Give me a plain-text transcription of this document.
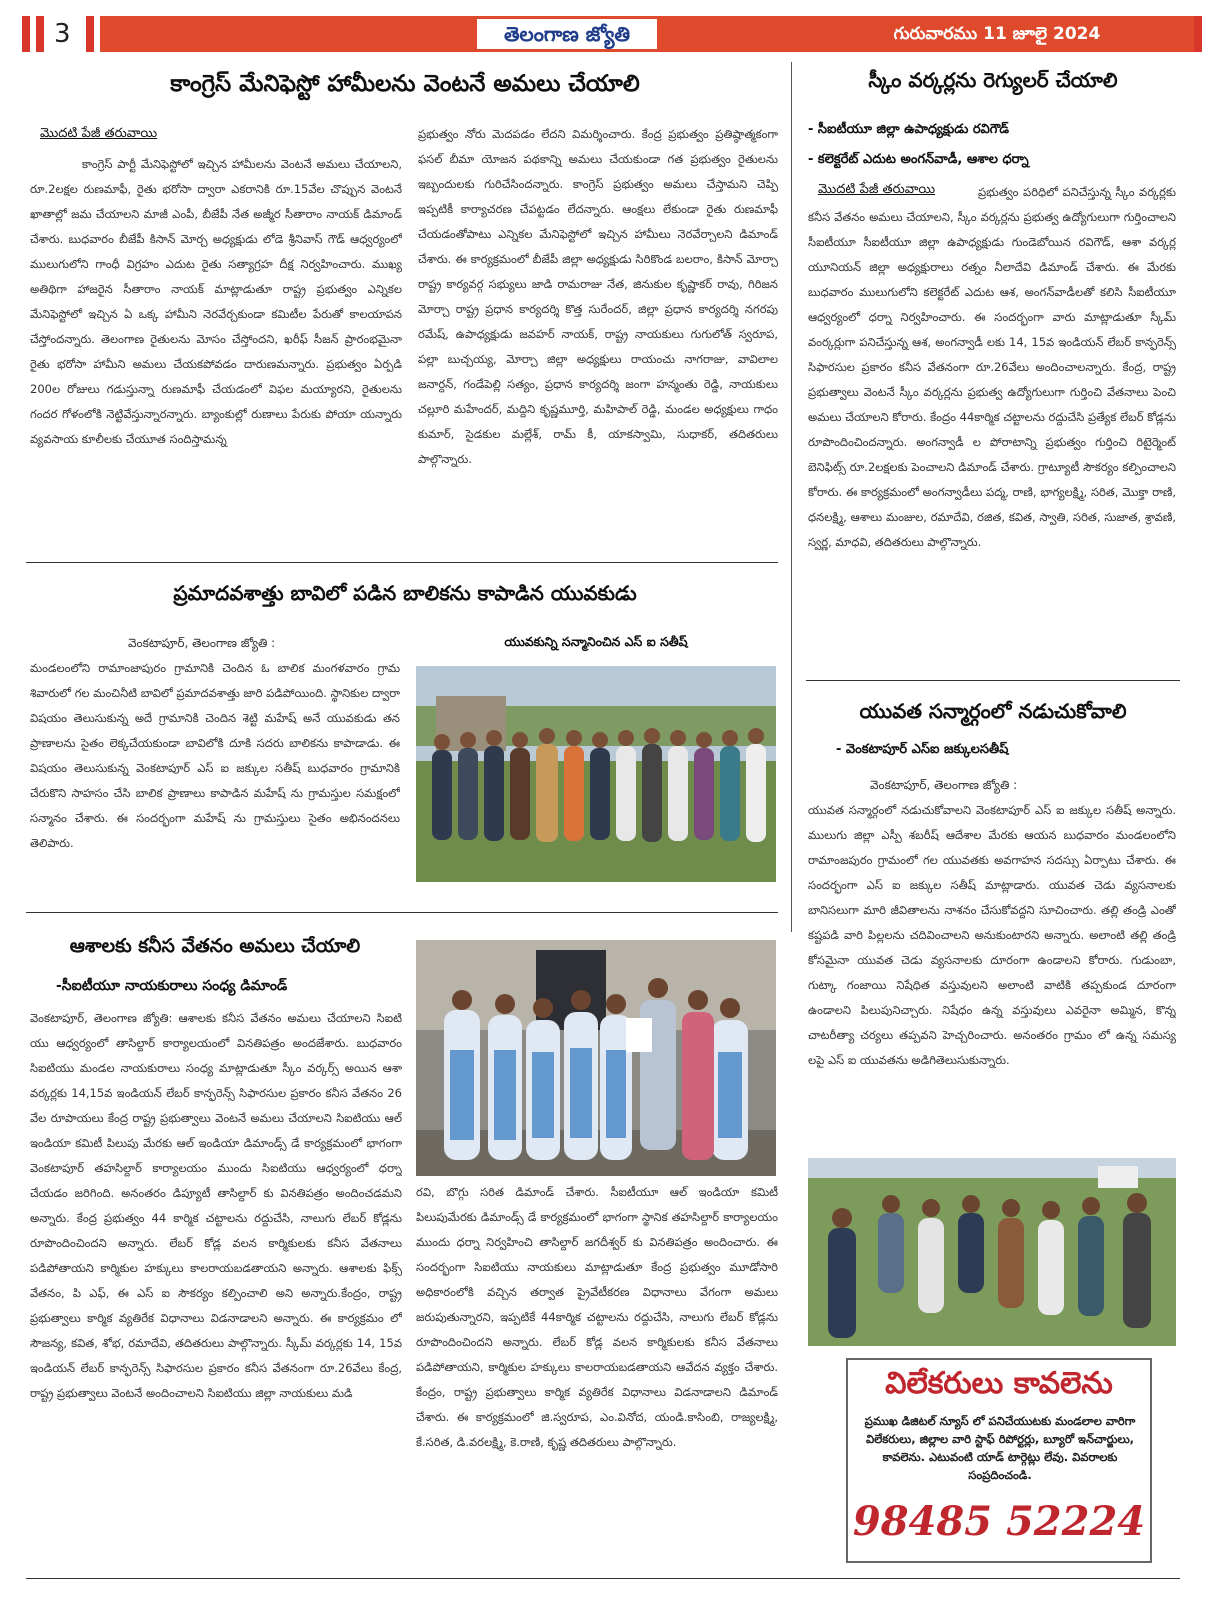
3	తెలంగాణ జ్యోతి	గురువారము 11 జూలై 2024
కాంగ్రెస్ మేనిఫెస్టో హామీలను వెంటనే అమలు చేయాలి
మొదటి పేజీ తరువాయి
కాంగ్రెస్ పార్టీ మేనిఫెస్టోలో ఇచ్చిన హామీలను వెంటనే అమలు చేయాలని, రూ.2లక్షల రుణమాఫీ, రైతు భరోసా ద్వారా ఎకరానికి రూ.15వేల చొప్పున వెంటనే ఖాతాల్లో జమ చేయాలని మాజీ ఎంపీ, బీజేపీ నేత అజ్మీర సీతారాం నాయక్ డిమాండ్ చేశారు. బుధవారం బీజేపీ కిసాన్ మోర్చ అధ్యక్షుడు లోడె శ్రీనివాస్ గౌడ్ ఆధ్వర్యంలో ములుగులోని గాంధీ విగ్రహం ఎదుట రైతు సత్యాగ్రహ దీక్ష నిర్వహించారు. ముఖ్య అతిథిగా హాజరైన సీతారాం నాయక్ మాట్లాడుతూ రాష్ట్ర ప్రభుత్వం ఎన్నికల మేనిఫెస్టోలో ఇచ్చిన ఏ ఒక్క హామీని నెరవేర్చకుండా కమిటీల పేరుతో కాలయాపన చేస్తోందన్నారు. తెలంగాణ రైతులను మోసం చేస్తోందని, ఖరీఫ్ సీజన్ ప్రారంభమైనా రైతు భరోసా హామీని అమలు చేయకపోవడం దారుణమన్నారు. ప్రభుత్వం ఏర్పడి 200ల రోజులు గడుస్తున్నా రుణమాఫీ చేయడంలో విఫల మయ్యారని, రైతులను గందర గోళంలోకి నెట్టివేస్తున్నారన్నారు. బ్యాంకుల్లో రుణాలు పేరుకు పోయా యన్నారు వ్యవసాయ కూలీలకు చేయూత సందిస్తామన్న
ప్రభుత్వం నోరు మెదపడం లేదని విమర్శించారు. కేంద్ర ప్రభుత్వం ప్రతిష్ఠాత్మకంగా ఫసల్ బీమా యోజన పథకాన్ని అమలు చేయకుండా గత ప్రభుత్వం రైతులను ఇబ్బందులకు గురిచేసిందన్నారు. కాంగ్రెస్ ప్రభుత్వం అమలు చేస్తామని చెప్పి ఇప్పటికీ కార్యాచరణ చేపట్టడం లేదన్నారు. ఆంక్షలు లేకుండా రైతు రుణమాఫీ చేయడంతోపాటు ఎన్నికల మేనిఫెస్టోలో ఇచ్చిన హామీలు నెరవేర్చాలని డిమాండ్ చేశారు. ఈ కార్యక్రమంలో బీజేపీ జిల్లా అధ్యక్షుడు సిరికొండ బలరాం, కిసాన్ మోర్చా రాష్ట్ర కార్యవర్గ సభ్యులు జాడి రామరాజు నేత, జినుకుల కృష్ణాకర్ రావు, గిరిజన మోర్చా రాష్ట్ర ప్రధాన కార్యదర్శి కొత్త సురేందర్, జిల్లా ప్రధాన కార్యదర్శి నగరపు రమేష్, ఉపాధ్యక్షుడు జవహర్ నాయక్, రాష్ట్ర నాయకులు గుగులోత్ స్వరూప, పల్లా బుచ్చయ్య, మోర్చా జిల్లా అధ్యక్షులు రాయంచు నాగరాజు, వావిలాల జనార్దన్, గండేపెల్లి సత్యం, ప్రధాన కార్యదర్శి జంగా హన్మంతు రెడ్డి, నాయకులు చల్లూరి మహేందర్, మద్దిని కృష్ణమూర్తి, మహిపాల్ రెడ్డి, మండల అధ్యక్షులు గాధం కుమార్, సైడకుల మల్లేశ్, రామ్ కీ, యాకస్వామి, సుధాకర్, తదితరులు పాల్గొన్నారు.
స్కీం వర్కర్లను రెగ్యులర్ చేయాలి
- సీఐటీయూ జిల్లా ఉపాధ్యక్షుడు రవిగౌడ్
- కలెక్టరేట్ ఎదుట అంగన్‌వాడీ, ఆశాల ధర్నా
మొదటి పేజీ తరువాయి	ప్రభుత్వం పరిధిలో పనిచేస్తున్న స్కీం వర్కర్లకు కనీస వేతనం అమలు చేయాలని, స్కీం వర్కర్లను ప్రభుత్వ ఉద్యోగులుగా గుర్తించాలని సీఐటీయూ సీఐటీయూ జిల్లా ఉపాధ్యక్షుడు గుండెబోయిన రవిగౌడ్, ఆశా వర్కర్ల యూనియన్ జిల్లా అధ్యక్షురాలు రత్నం నీలాదేవి డిమాండ్ చేశారు. ఈ మేరకు బుధవారం ములుగులోని కలెక్టరేట్ ఎదుట ఆశ, అంగన్‌వాడీలతో కలిసి సీఐటీయూ ఆధ్వర్యంలో ధర్నా నిర్వహించారు. ఈ సందర్భంగా వారు మాట్లాడుతూ స్కీమ్ వంర్కర్లుగా పనిచేస్తున్న ఆశ, అంగన్వాడీ లకు 14, 15వ ఇండియన్ లేబర్ కాన్ఫరెన్స్ సిఫారసుల ప్రకారం కనీస వేతనంగా రూ.26వేలు అందించాలన్నారు. కేంద్ర, రాష్ట్ర ప్రభుత్వాలు వెంటనే స్కీం వర్కర్లను ప్రభుత్వ ఉద్యోగులుగా గుర్తించి వేతనాలు పెంచి అమలు చేయాలని కోరారు. కేంద్రం 44కార్మిక చట్టాలను రద్దుచేసి ప్రత్యేక లేబర్ కోడ్లను రూపొందించిందన్నారు. అంగన్వాడీ ల పోరాటాన్ని ప్రభుత్వం గుర్తించి రిటైర్మెంట్ బెనిఫిట్స్ రూ.2లక్షలకు పెంచాలని డిమాండ్ చేశారు. గ్రాట్యూటీ సౌకర్యం కల్పించాలని కోరారు. ఈ కార్యక్రమంలో అంగన్వాడీలు పద్మ, రాణి, భాగ్యలక్ష్మి, సరిత, మొక్తా రాణి, ధనలక్ష్మి, ఆశాలు మంజుల, రమాదేవి, రజిత, కవిత, స్వాతి, సరిత, సుజాత, శ్రావణి, స్వర్ణ, మాధవి, తదితరులు పాల్గొన్నారు.
ప్రమాదవశాత్తు బావిలో పడిన బాలికను కాపాడిన యువకుడు
వెంకటాపూర్, తెలంగాణ జ్యోతి :	యువకున్ని సన్మానించిన ఎస్ ఐ సతీష్
మండలంలోని రామాంజాపురం గ్రామానికి చెందిన ఓ బాలిక మంగళవారం గ్రామ శివారులో గల మంచినీటి బావిలో ప్రమాదవశాత్తు జారి పడిపోయింది. స్థానికుల ద్వారా విషయం తెలుసుకున్న అదే గ్రామానికి చెందిన శెట్టి మహేష్ అనే యువకుడు తన ప్రాణాలను సైతం లెక్కచేయకుండా బావిలోకి దూకి సదరు బాలికను కాపాడాడు. ఈ విషయం తెలుసుకున్న వెంకటాపూర్ ఎస్ ఐ జక్కుల సతీష్ బుధవారం గ్రామానికి చేరుకొని సాహసం చేసి బాలిక ప్రాణాలు కాపాడిన మహేష్ ను గ్రామస్తుల సమక్షంలో సన్మానం చేశారు. ఈ సందర్భంగా మహేష్ ను గ్రామస్తులు సైతం అభినందనలు తెలిపారు.
యువత సన్మార్గంలో నడుచుకోవాలి
- వెంకటాపూర్ ఎస్ఐ జక్కులసతీష్
వెంకటాపూర్, తెలంగాణ జ్యోతి :
యువత సన్మార్గంలో నడుచుకోవాలని వెంకటాపూర్ ఎస్ ఐ జక్కుల సతీష్ అన్నారు. ములుగు జిల్లా ఎస్పీ శబరీష్ ఆదేశాల మేరకు ఆయన బుధవారం మండలంలోని రామాంజపురం గ్రామంలో గల యువతకు అవగాహన సదస్సు ఏర్పాటు చేశారు. ఈ సందర్భంగా ఎస్ ఐ జక్కుల సతీష్ మాట్లాడారు. యువత చెడు వ్యసనాలకు బానిసలుగా మారి జీవితాలను నాశనం చేసుకోవద్దని సూచించారు. తల్లి తండ్రి ఎంతో కష్టపడి వారి పిల్లలను చదివించాలని అనుకుంటారని అన్నారు. అలాంటి తల్లి తండ్రి కోసమైనా యువత చెడు వ్యసనాలకు దూరంగా ఉండాలని కోరారు. గుడుంబా, గుట్కా గంజాయి నిషేధిత వస్తువులని అలాంటి వాటికి తప్పకుండ దూరంగా ఉండాలని పిలుపునిచ్చారు. నిషేధం ఉన్న వస్తువులు ఎవరైనా అమ్మిన, కొన్న చాటరీత్యా చర్యలు తప్పవని హెచ్చరించారు. అనంతరం గ్రామం లో ఉన్న సమస్య లపై ఎస్ ఐ యువతను అడిగితెలుసుకున్నారు.
విలేకరులు కావలెను
ప్రముఖ డిజిటల్ న్యూస్ లో పనిచేయుటకు మండలాల వారిగా విలేకరులు, జిల్లాల వారి స్టాఫ్ రిపోర్టర్లు, బ్యూరో ఇన్‌చార్జులు, కావలెను. ఎటువంటి యాడ్ టార్గెట్లు లేవు. వివరాలకు సంప్రదించండి.
98485 52224
ఆశాలకు కనీస వేతనం అమలు చేయాలి
-సీఐటీయూ నాయకురాలు సంధ్య డిమాండ్
వెంకటాపూర్, తెలంగాణ జ్యోతి: ఆశాలకు కనీస వేతనం అమలు చేయాలని సిఐటి యు ఆధ్వర్యంలో తాసిల్దార్ కార్యాలయంలో వినతిపత్రం అందజేశారు. బుధవారం సిఐటియు మండల నాయకురాలు సంధ్య మాట్లాడుతూ స్కీం వర్కర్స్ అయిన ఆశా వర్కర్లకు 14,15వ ఇండియన్ లేబర్ కాన్ఫరెన్స్ సిఫారసుల ప్రకారం కనీస వేతనం 26 వేల రూపాయలు కేంద్ర రాష్ట్ర ప్రభుత్వాలు వెంటనే అమలు చేయాలని సిఐటియు ఆల్ ఇండియా కమిటీ పిలుపు మేరకు ఆల్ ఇండియా డిమాండ్స్ డే కార్యక్రమంలో భాగంగా వెంకటాపూర్ తహసిల్దార్ కార్యాలయం ముందు సిఐటియు ఆధ్వర్యంలో ధర్నా చేయడం జరిగింది. అనంతరం డిప్యూటీ తాసిల్దార్ కు వినతిపత్రం అందించడమని అన్నారు. కేంద్ర ప్రభుత్వం 44 కార్మిక చట్టాలను రద్దుచేసి, నాలుగు లేబర్ కోడ్లను రూపొందించిందని అన్నారు. లేబర్ కోడ్ల వలన కార్మికులకు కనీస వేతనాలు పడిపోతాయని కార్మికుల హక్కులు కాలరాయబడతాయని అన్నారు. ఆశాలకు ఫిక్స్ వేతనం, పి ఎఫ్, ఈ ఎస్ ఐ సౌకర్యం కల్పించాలి అని అన్నారు.కేంద్రం, రాష్ట్ర ప్రభుత్వాలు కార్మిక వ్యతిరేక విధానాలు విడనాడాలని అన్నారు. ఈ కార్యక్రమం లో సౌజన్య, కవిత, శోభ, రమాదేవి, తదితరులు పాల్గొన్నారు. స్కీమ్ వర్కర్లకు 14, 15వ ఇండియన్ లేబర్ కాన్ఫరెన్స్ సిఫారసుల ప్రకారం కనీస వేతనంగా రూ.26వేలు కేంద్ర, రాష్ట్ర ప్రభుత్వాలు వెంటనే అందించాలని సిఐటియు జిల్లా నాయకులు మడి
రవి, బొగ్గు సరిత డిమాండ్ చేశారు. సీఐటీయూ ఆల్ ఇండియా కమిటీ పిలుపుమేరకు డిమాండ్స్ డే కార్యక్రమంలో భాగంగా స్థానిక తహసిల్దార్ కార్యాలయం ముందు ధర్నా నిర్వహించి తాసిల్దార్ జగదీశ్వర్ కు వినతిపత్రం అందించారు. ఈ సందర్భంగా సిఐటియు నాయకులు మాట్లాడుతూ కేంద్ర ప్రభుత్వం మూడోసారి అధికారంలోకి వచ్చిన తర్వాత ప్రైవేటీకరణ విధానాలు వేగంగా అమలు జరుపుతున్నారని, ఇప్పటికే 44కార్మిక చట్టాలను రద్దుచేసి, నాలుగు లేబర్ కోడ్లను రూపొందించిందని అన్నారు. లేబర్ కోడ్ల వలన కార్మికులకు కనీస వేతనాలు పడిపోతాయని, కార్మికుల హక్కులు కాలరాయబడతాయని ఆవేదన వ్యక్తం చేశారు. కేంద్రం, రాష్ట్ర ప్రభుత్వాలు కార్మిక వ్యతిరేక విధానాలు విడనాడాలని డిమాండ్ చేశారు. ఈ కార్యక్రమంలో జి.స్వరూప, ఎం.వినోద, యండి.కాసింబి, రాజ్యలక్ష్మి, కే.సరిత, డి.వరలక్ష్మి, కె.రాణి, కృష్ణ తదితరులు పాల్గొన్నారు.
